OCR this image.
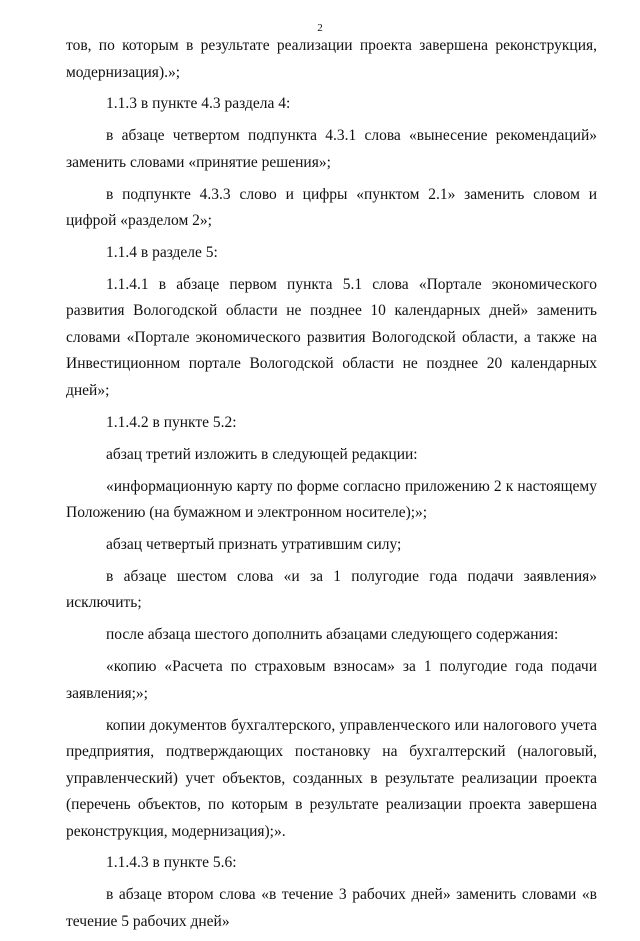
2

тов, по которым в результате реализации проекта завершена реконструкция, модернизация).»;

1.1.3 в пункте 4.3 раздела 4:

в абзаце четвертом подпункта 4.3.1 слова «вынесение рекомендаций» заменить словами «принятие решения»;

в подпункте 4.3.3 слово и цифры «пунктом 2.1» заменить словом и цифрой «разделом 2»;

1.1.4 в разделе 5:

1.1.4.1 в абзаце первом пункта 5.1 слова «Портале экономического развития Вологодской области не позднее 10 календарных дней» заменить словами «Портале экономического развития Вологодской области, а также на Инвестиционном портале Вологодской области не позднее 20 календарных дней»;

1.1.4.2 в пункте 5.2:

абзац третий изложить в следующей редакции:

«информационную карту по форме согласно приложению 2 к настоящему Положению (на бумажном и электронном носителе);»;

абзац четвертый признать утратившим силу;

в абзаце шестом слова «и за 1 полугодие года подачи заявления» исключить;

после абзаца шестого дополнить абзацами следующего содержания:

«копию «Расчета по страховым взносам» за 1 полугодие года подачи заявления;»;

копии документов бухгалтерского, управленческого или налогового учета предприятия, подтверждающих постановку на бухгалтерский (налоговый, управленческий) учет объектов, созданных в результате реализации проекта (перечень объектов, по которым в результате реализации проекта завершена реконструкция, модернизация);».

1.1.4.3 в пункте 5.6:

в абзаце втором слова «в течение 3 рабочих дней» заменить словами «в течение 5 рабочих дней»
